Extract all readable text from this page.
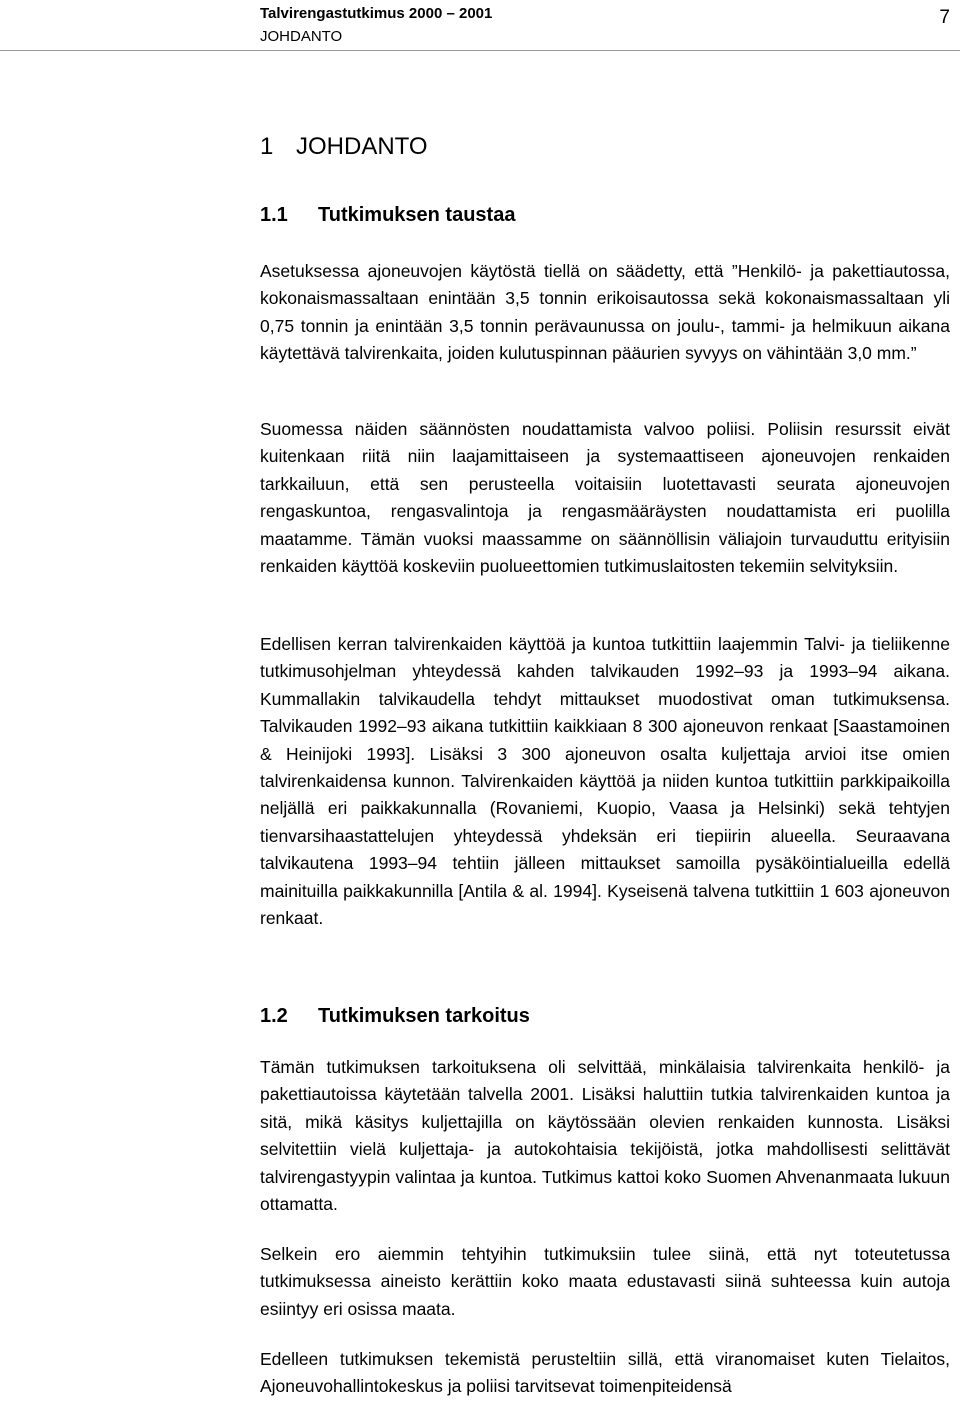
Talvirengastutkimus 2000 – 2001
JOHDANTO
7
1 JOHDANTO
1.1 Tutkimuksen taustaa

Asetuksessa ajoneuvojen käytöstä tiellä on säädetty, että ”Henkilö- ja pakettiautossa, kokonaismassaltaan enintään 3,5 tonnin erikoisautossa sekä kokonaismassaltaan yli 0,75 tonnin ja enintään 3,5 tonnin perävaunussa on joulu-, tammi- ja helmikuun aikana käytettävä talvirenkaita, joiden kulutuspinnan pääurien syvyys on vähintään 3,0 mm.”

Suomessa näiden säännösten noudattamista valvoo poliisi. Poliisin resurssit eivät kuitenkaan riitä niin laajamittaiseen ja systemaattiseen ajoneuvojen renkaiden tarkkailuun, että sen perusteella voitaisiin luotettavasti seurata ajoneuvojen rengaskuntoa, rengasvalintoja ja rengasmääräysten noudattamista eri puolilla maatamme. Tämän vuoksi maassamme on säännöllisin väliajoin turvauduttu erityisiin renkaiden käyttöä koskeviin puolueettomien tutkimuslaitosten tekemiin selvityksiin.

Edellisen kerran talvirenkaiden käyttöä ja kuntoa tutkittiin laajemmin Talvi- ja tieliikenne tutkimusohjelman yhteydessä kahden talvikauden 1992–93 ja 1993–94 aikana. Kummallakin talvikaudella tehdyt mittaukset muodostivat oman tutkimuksensa. Talvikauden 1992–93 aikana tutkittiin kaikkiaan 8 300 ajoneuvon renkaat [Saastamoinen & Heinijoki 1993]. Lisäksi 3 300 ajoneuvon osalta kuljettaja arvioi itse omien talvirenkaidensa kunnon. Talvirenkaiden käyttöä ja niiden kuntoa tutkittiin parkkipaikoilla neljällä eri paikkakunnalla (Rovaniemi, Kuopio, Vaasa ja Helsinki) sekä tehtyjen tienvarsihaastattelujen yhteydessä yhdeksän eri tiepiirin alueella. Seuraavana talvikautena 1993–94 tehtiin jälleen mittaukset samoilla pysäköintialueilla edellä mainituilla paikkakunnilla [Antila & al. 1994]. Kyseisenä talvena tutkittiin 1 603 ajoneuvon renkaat.

1.2 Tutkimuksen tarkoitus

Tämän tutkimuksen tarkoituksena oli selvittää, minkälaisia talvirenkaita henkilö- ja pakettiautoissa käytetään talvella 2001. Lisäksi haluttiin tutkia talvirenkaiden kuntoa ja sitä, mikä käsitys kuljettajilla on käytössään olevien renkaiden kunnosta. Lisäksi selvitettiin vielä kuljettaja- ja autokohtaisia tekijöistä, jotka mahdollisesti selittävät talvirengastyypin valintaa ja kuntoa. Tutkimus kattoi koko Suomen Ahvenanmaata lukuun ottamatta.

Selkein ero aiemmin tehtyihin tutkimuksiin tulee siinä, että nyt toteutetussa tutkimuksessa aineisto kerättiin koko maata edustavasti siinä suhteessa kuin autoja esiintyy eri osissa maata.

Edelleen tutkimuksen tekemistä perusteltiin sillä, että viranomaiset kuten Tielaitos, Ajoneuvohallintokeskus ja poliisi tarvitsevat toimenpiteidensä
